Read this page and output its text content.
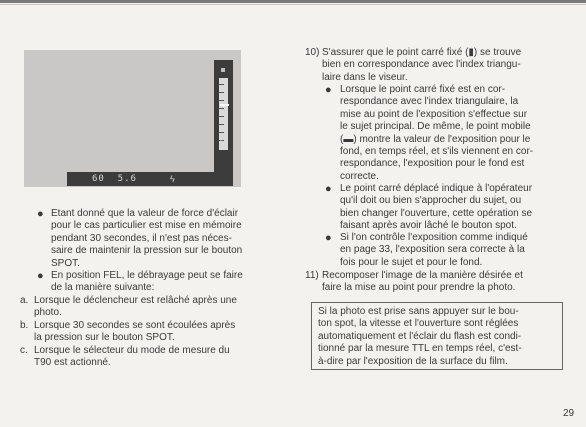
60  5.6	ϟ
F
● Etant donné que la valeur de force d'éclair

pour le cas particulier est mise en mémoire

pendant 30 secondes, il n'est pas néces-

saire de maintenir la pression sur le bouton

SPOT.

● En position FEL, le débrayage peut se faire

de la manière suivante:

a. Lorsque le déclencheur est relâché après une

photo.

b. Lorsque 30 secondes se sont écoulées après

la pression sur le bouton SPOT.

c. Lorsque le sélecteur du mode de mesure du

T90 est actionné.

10) S'assurer que le point carré fixé (▮) se trouve

bien en correspondance avec l'index triangu-

laire dans le viseur.

● Lorsque le point carré fixé est en cor-

respondance avec l'index triangulaire, la

mise au point de l'exposition s'effectue sur

le sujet principal. De même, le point mobile

(▬) montre la valeur de l'exposition pour le

fond, en temps réel, et s'ils viennent en cor-

respondance, l'exposition pour le fond est

correcte.

● Le point carré déplacé indique à l'opérateur

qu'il doit ou bien s'approcher du sujet, ou

bien changer l'ouverture, cette opération se

faisant après avoir lâché le bouton spot.

● Si l'on contrôle l'exposition comme indiqué

en page 33, l'exposition sera correcte à la

fois pour le sujet et pour le fond.

11) Recomposer l'image de la manière désirée et

faire la mise au point pour prendre la photo.

Si la photo est prise sans appuyer sur le bou-

ton spot, la vitesse et l'ouverture sont réglées

automatiquement et l'éclair du flash est condi-

tionné par la mesure TTL en temps réel, c'est-

à-dire par l'exposition de la surface du film.

29
